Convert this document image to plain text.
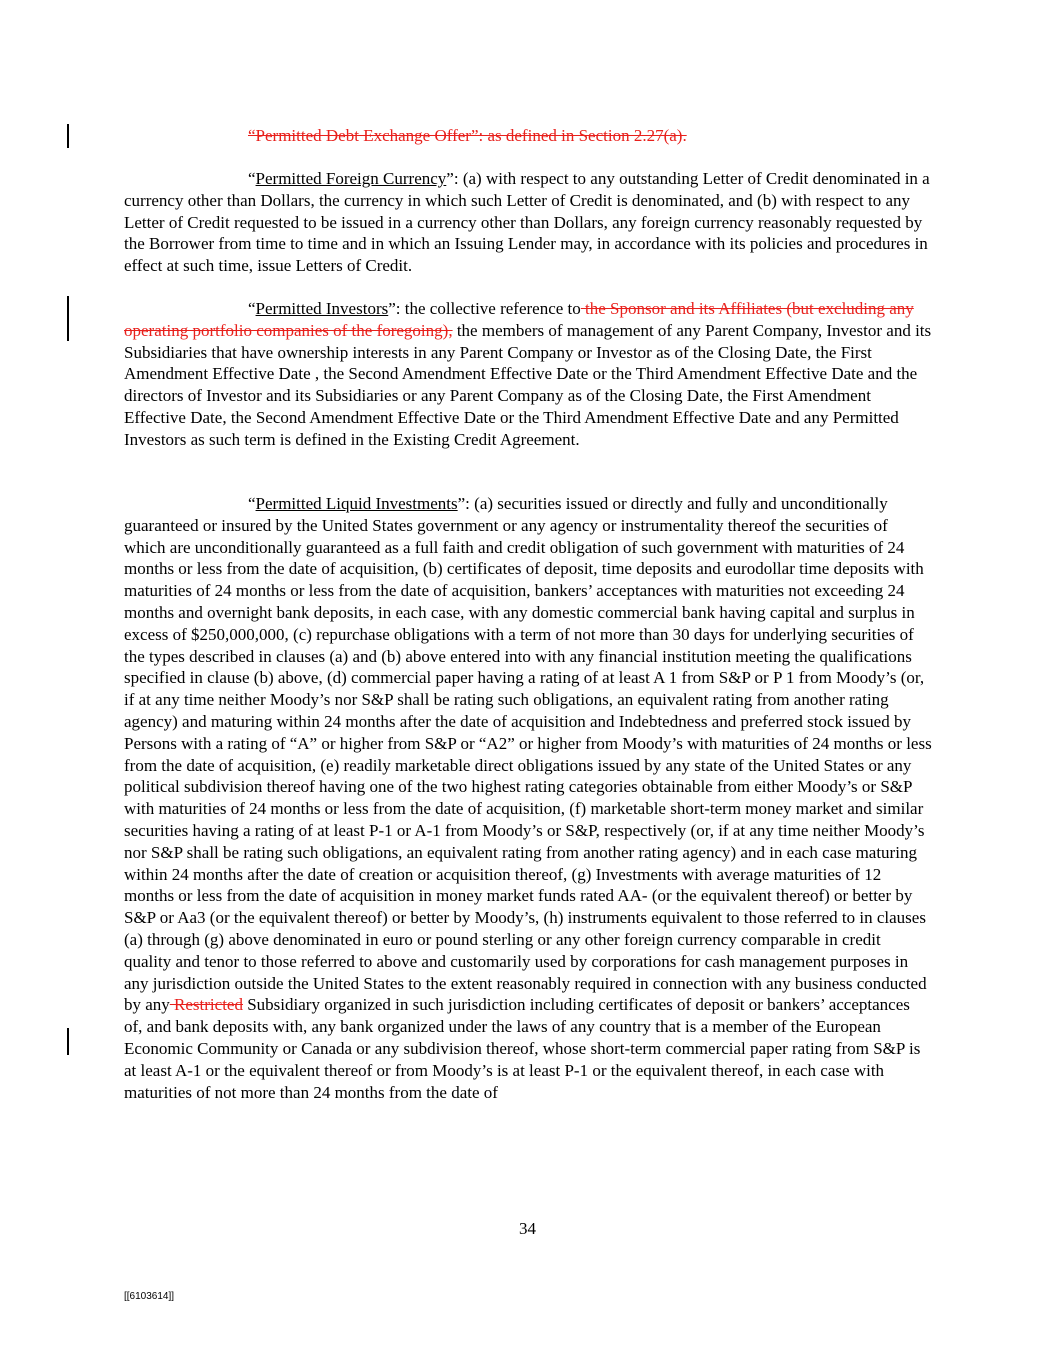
“Permitted Debt Exchange Offer”: as defined in Section 2.27(a).
“Permitted Foreign Currency”: (a) with respect to any outstanding Letter of Credit denominated in a currency other than Dollars, the currency in which such Letter of Credit is denominated, and (b) with respect to any Letter of Credit requested to be issued in a currency other than Dollars, any foreign currency reasonably requested by the Borrower from time to time and in which an Issuing Lender may, in accordance with its policies and procedures in effect at such time, issue Letters of Credit.
“Permitted Investors”: the collective reference to the Sponsor and its Affiliates (but excluding any operating portfolio companies of the foregoing), the members of management of any Parent Company, Investor and its Subsidiaries that have ownership interests in any Parent Company or Investor as of the Closing Date, the First Amendment Effective Date , the Second Amendment Effective Date or the Third Amendment Effective Date and the directors of Investor and its Subsidiaries or any Parent Company as of the Closing Date, the First Amendment Effective Date, the Second Amendment Effective Date or the Third Amendment Effective Date and any Permitted Investors as such term is defined in the Existing Credit Agreement.
“Permitted Liquid Investments”: (a) securities issued or directly and fully and unconditionally guaranteed or insured by the United States government or any agency or instrumentality thereof the securities of which are unconditionally guaranteed as a full faith and credit obligation of such government with maturities of 24 months or less from the date of acquisition, (b) certificates of deposit, time deposits and eurodollar time deposits with maturities of 24 months or less from the date of acquisition, bankers’ acceptances with maturities not exceeding 24 months and overnight bank deposits, in each case, with any domestic commercial bank having capital and surplus in excess of $250,000,000, (c) repurchase obligations with a term of not more than 30 days for underlying securities of the types described in clauses (a) and (b) above entered into with any financial institution meeting the qualifications specified in clause (b) above, (d) commercial paper having a rating of at least A 1 from S&P or P 1 from Moody’s (or, if at any time neither Moody’s nor S&P shall be rating such obligations, an equivalent rating from another rating agency) and maturing within 24 months after the date of acquisition and Indebtedness and preferred stock issued by Persons with a rating of “A” or higher from S&P or “A2” or higher from Moody’s with maturities of 24 months or less from the date of acquisition, (e) readily marketable direct obligations issued by any state of the United States or any political subdivision thereof having one of the two highest rating categories obtainable from either Moody’s or S&P with maturities of 24 months or less from the date of acquisition, (f) marketable short-term money market and similar securities having a rating of at least P-1 or A-1 from Moody’s or S&P, respectively (or, if at any time neither Moody’s nor S&P shall be rating such obligations, an equivalent rating from another rating agency) and in each case maturing within 24 months after the date of creation or acquisition thereof, (g) Investments with average maturities of 12 months or less from the date of acquisition in money market funds rated AA- (or the equivalent thereof) or better by S&P or Aa3 (or the equivalent thereof) or better by Moody’s, (h) instruments equivalent to those referred to in clauses (a) through (g) above denominated in euro or pound sterling or any other foreign currency comparable in credit quality and tenor to those referred to above and customarily used by corporations for cash management purposes in any jurisdiction outside the United States to the extent reasonably required in connection with any business conducted by any Restricted Subsidiary organized in such jurisdiction including certificates of deposit or bankers’ acceptances of, and bank deposits with, any bank organized under the laws of any country that is a member of the European Economic Community or Canada or any subdivision thereof, whose short-term commercial paper rating from S&P is at least A-1 or the equivalent thereof or from Moody’s is at least P-1 or the equivalent thereof, in each case with maturities of not more than 24 months from the date of
34
[[6103614]]
